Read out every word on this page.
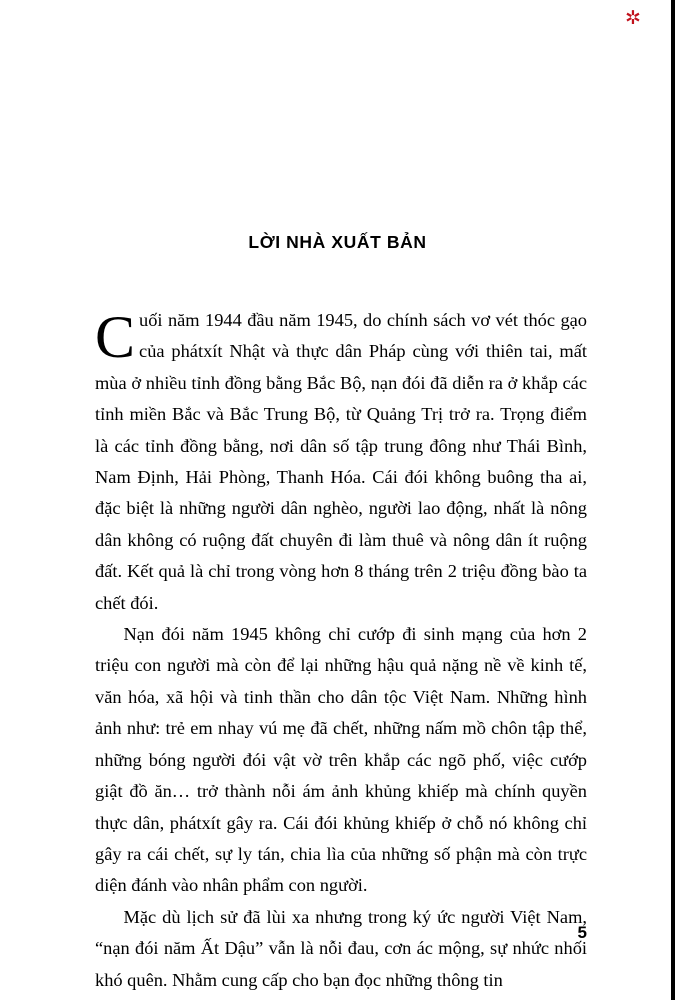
✲
LỜI NHÀ XUẤT BẢN

Cuối năm 1944 đầu năm 1945, do chính sách vơ vét thóc gạo của phátxít Nhật và thực dân Pháp cùng với thiên tai, mất mùa ở nhiều tỉnh đồng bằng Bắc Bộ, nạn đói đã diễn ra ở khắp các tỉnh miền Bắc và Bắc Trung Bộ, từ Quảng Trị trở ra. Trọng điểm là các tỉnh đồng bằng, nơi dân số tập trung đông như Thái Bình, Nam Định, Hải Phòng, Thanh Hóa. Cái đói không buông tha ai, đặc biệt là những người dân nghèo, người lao động, nhất là nông dân không có ruộng đất chuyên đi làm thuê và nông dân ít ruộng đất. Kết quả là chỉ trong vòng hơn 8 tháng trên 2 triệu đồng bào ta chết đói.

Nạn đói năm 1945 không chỉ cướp đi sinh mạng của hơn 2 triệu con người mà còn để lại những hậu quả nặng nề về kinh tế, văn hóa, xã hội và tinh thần cho dân tộc Việt Nam. Những hình ảnh như: trẻ em nhay vú mẹ đã chết, những nấm mồ chôn tập thể, những bóng người đói vật vờ trên khắp các ngõ phố, việc cướp giật đồ ăn… trở thành nỗi ám ảnh khủng khiếp mà chính quyền thực dân, phátxít gây ra. Cái đói khủng khiếp ở chỗ nó không chỉ gây ra cái chết, sự ly tán, chia lìa của những số phận mà còn trực diện đánh vào nhân phẩm con người.

Mặc dù lịch sử đã lùi xa nhưng trong ký ức người Việt Nam, “nạn đói năm Ất Dậu” vẫn là nỗi đau, cơn ác mộng, sự nhức nhối khó quên. Nhằm cung cấp cho bạn đọc những thông tin

5
